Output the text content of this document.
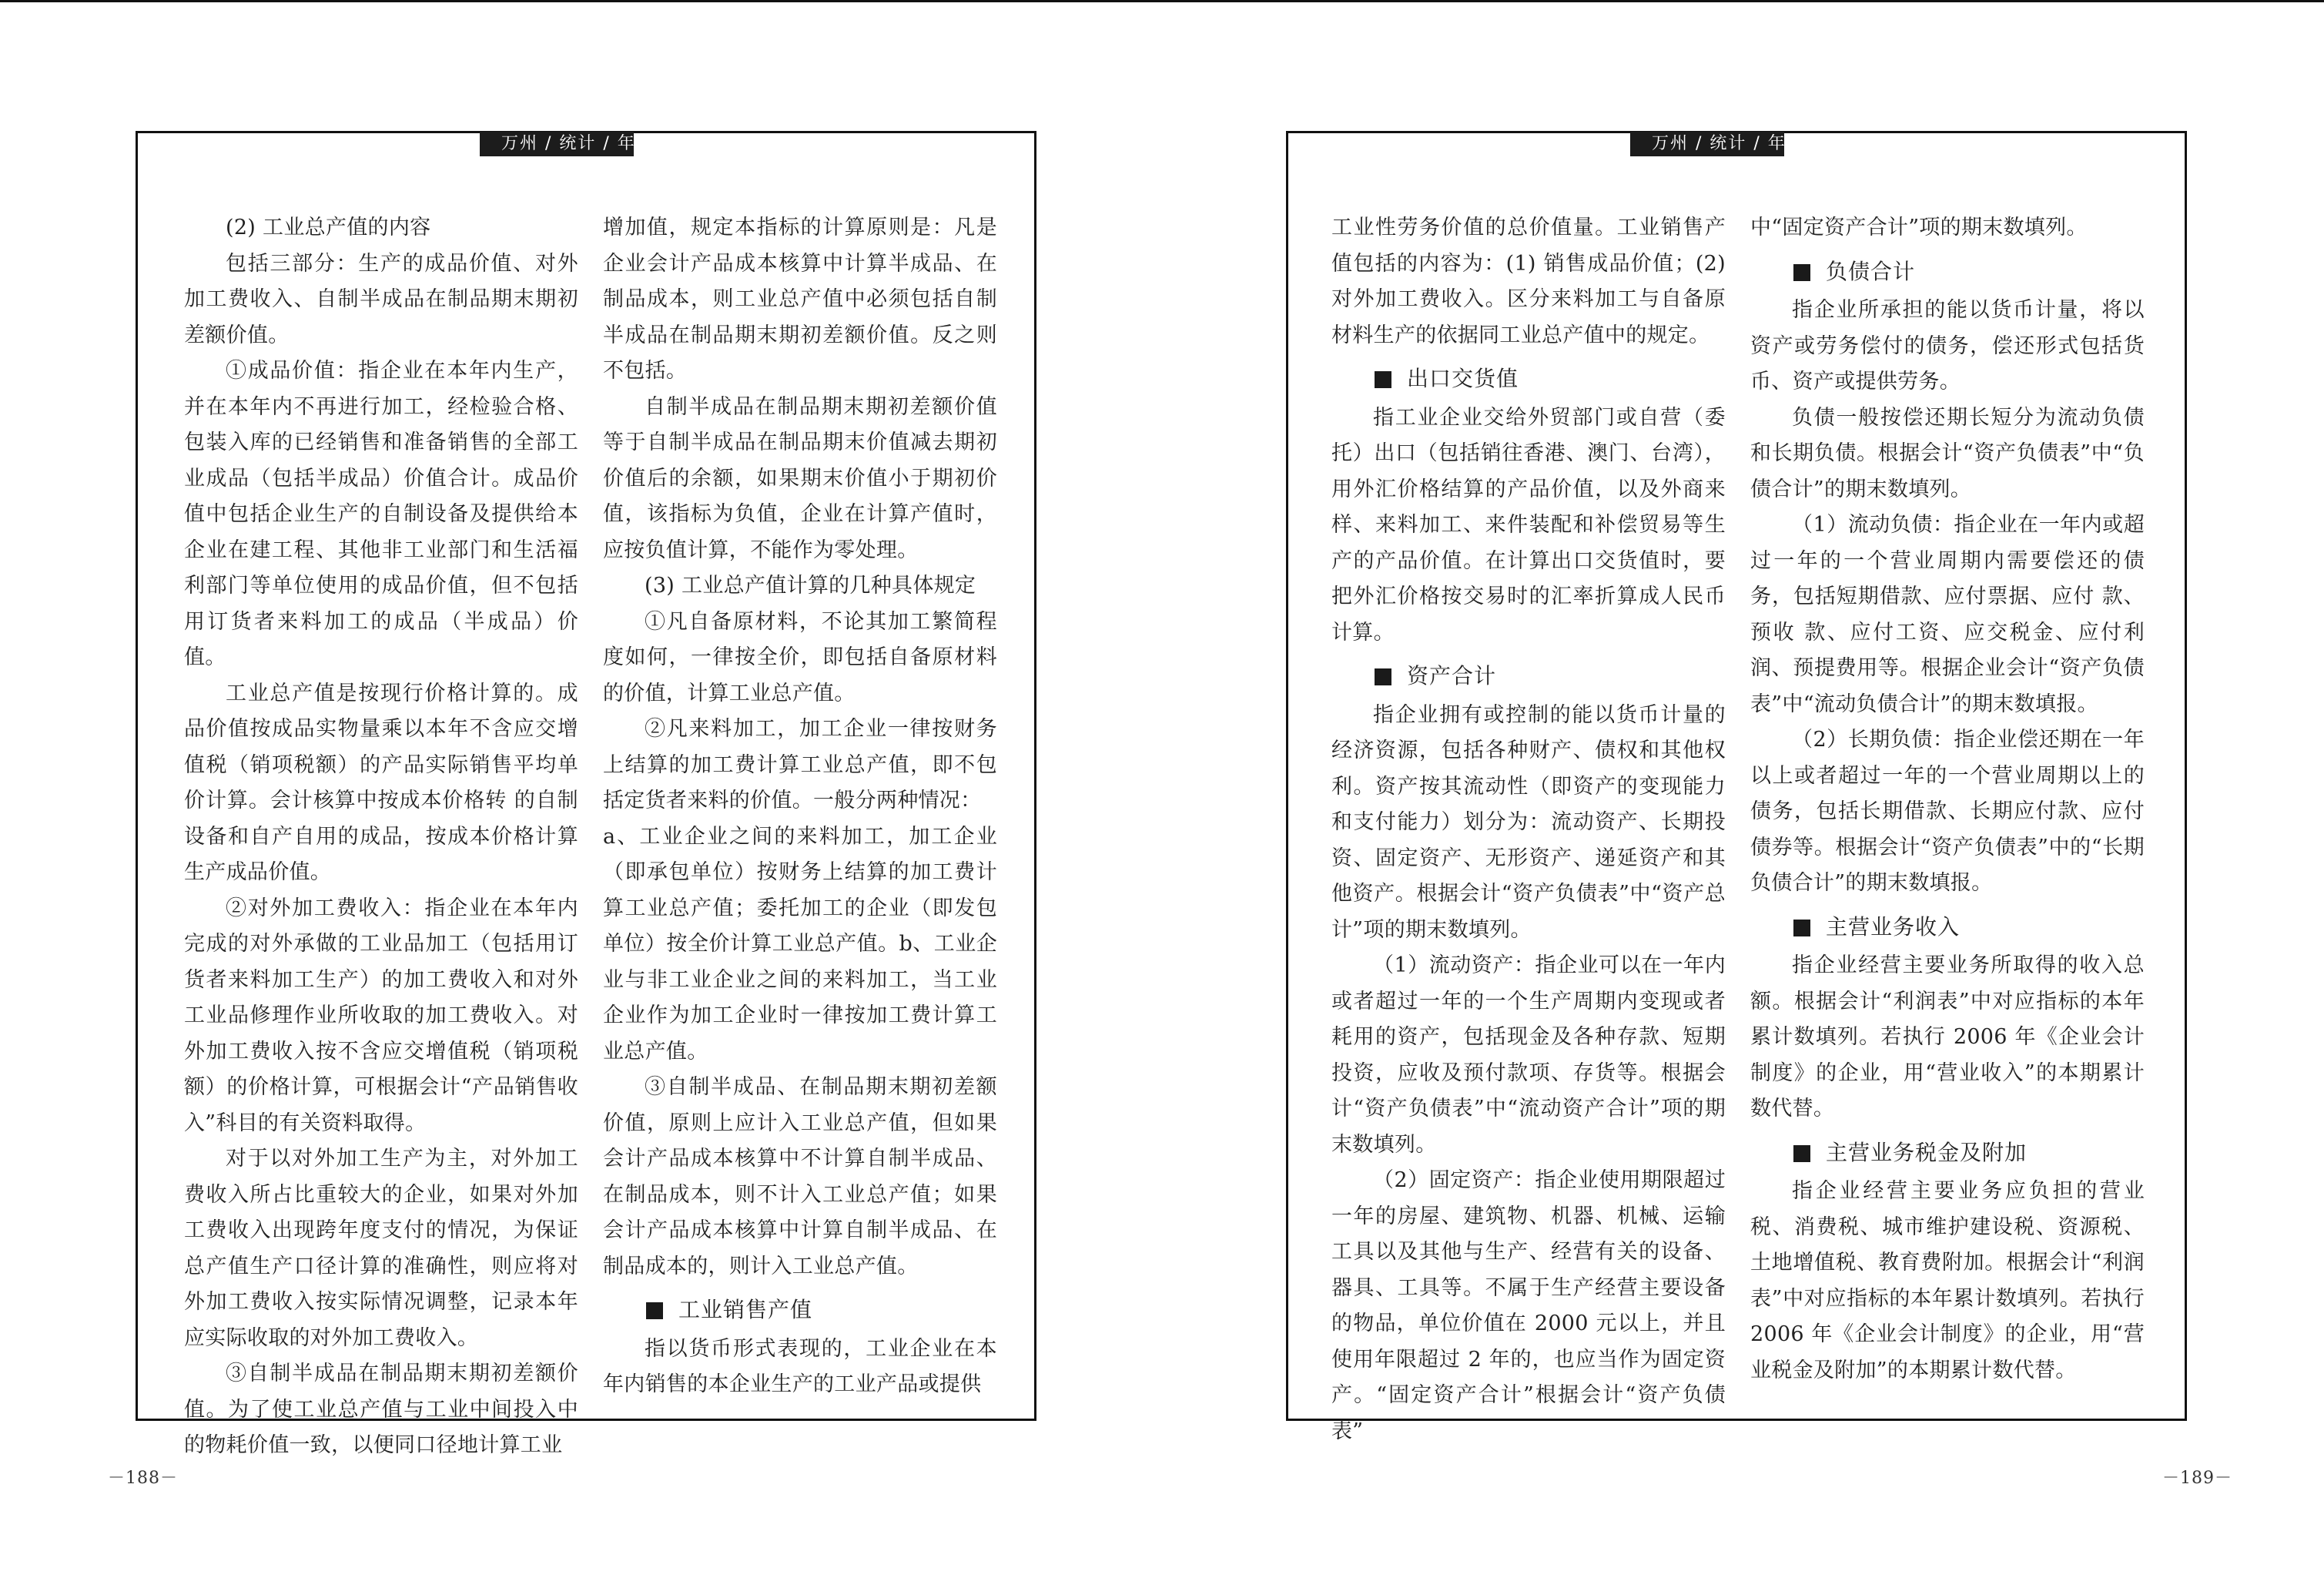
万州 / 统计 / 年鉴

(2) 工业总产值的内容

包括三部分：生产的成品价值、对外加工费收入、自制半成品在制品期末期初差额价值。

①成品价值：指企业在本年内生产，并在本年内不再进行加工，经检验合格、包装入库的已经销售和准备销售的全部工业成品（包括半成品）价值合计。成品价值中包括企业生产的自制设备及提供给本企业在建工程、其他非工业部门和生活福利部门等单位使用的成品价值，但不包括用订货者来料加工的成品（半成品）价值。

工业总产值是按现行价格计算的。成品价值按成品实物量乘以本年不含应交增值税（销项税额）的产品实际销售平均单价计算。会计核算中按成本价格转 的自制设备和自产自用的成品，按成本价格计算生产成品价值。

②对外加工费收入：指企业在本年内完成的对外承做的工业品加工（包括用订货者来料加工生产）的加工费收入和对外工业品修理作业所收取的加工费收入。对外加工费收入按不含应交增值税（销项税额）的价格计算，可根据会计“产品销售收入”科目的有关资料取得。

对于以对外加工生产为主，对外加工费收入所占比重较大的企业，如果对外加工费收入出现跨年度支付的情况，为保证总产值生产口径计算的准确性，则应将对外加工费收入按实际情况调整，记录本年应实际收取的对外加工费收入。

③自制半成品在制品期末期初差额价值。为了使工业总产值与工业中间投入中的物耗价值一致，以便同口径地计算工业

增加值，规定本指标的计算原则是：凡是企业会计产品成本核算中计算半成品、在制品成本，则工业总产值中必须包括自制半成品在制品期末期初差额价值。反之则不包括。

自制半成品在制品期末期初差额价值等于自制半成品在制品期末价值减去期初价值后的余额，如果期末价值小于期初价值，该指标为负值，企业在计算产值时，应按负值计算，不能作为零处理。

(3) 工业总产值计算的几种具体规定

①凡自备原材料，不论其加工繁简程度如何，一律按全价，即包括自备原材料的价值，计算工业总产值。

②凡来料加工，加工企业一律按财务上结算的加工费计算工业总产值，即不包括定货者来料的价值。一般分两种情况：

a、工业企业之间的来料加工，加工企业（即承包单位）按财务上结算的加工费计算工业总产值；委托加工的企业（即发包单位）按全价计算工业总产值。b、工业企业与非工业企业之间的来料加工，当工业企业作为加工企业时一律按加工费计算工业总产值。

③自制半成品、在制品期末期初差额价值，原则上应计入工业总产值，但如果会计产品成本核算中不计算自制半成品、在制品成本，则不计入工业总产值；如果会计产品成本核算中计算自制半成品、在制品成本的，则计入工业总产值。

工业销售产值

指以货币形式表现的，工业企业在本年内销售的本企业生产的工业产品或提供

万州 / 统计 / 年鉴

工业性劳务价值的总价值量。工业销售产值包括的内容为：(1) 销售成品价值；(2) 对外加工费收入。区分来料加工与自备原材料生产的依据同工业总产值中的规定。

出口交货值

指工业企业交给外贸部门或自营（委托）出口（包括销往香港、澳门、台湾），用外汇价格结算的产品价值，以及外商来样、来料加工、来件装配和补偿贸易等生产的产品价值。在计算出口交货值时，要把外汇价格按交易时的汇率折算成人民币计算。

资产合计

指企业拥有或控制的能以货币计量的经济资源，包括各种财产、债权和其他权利。资产按其流动性（即资产的变现能力和支付能力）划分为：流动资产、长期投资、固定资产、无形资产、递延资产和其他资产。根据会计“资产负债表”中“资产总计”项的期末数填列。

（1）流动资产：指企业可以在一年内或者超过一年的一个生产周期内变现或者耗用的资产，包括现金及各种存款、短期投资，应收及预付款项、存货等。根据会计“资产负债表”中“流动资产合计”项的期末数填列。

（2）固定资产：指企业使用期限超过一年的房屋、建筑物、机器、机械、运输工具以及其他与生产、经营有关的设备、器具、工具等。不属于生产经营主要设备的物品，单位价值在 2000 元以上，并且使用年限超过 2 年的，也应当作为固定资产。“固定资产合计”根据会计“资产负债表”

中“固定资产合计”项的期末数填列。

负债合计

指企业所承担的能以货币计量，将以资产或劳务偿付的债务，偿还形式包括货币、资产或提供劳务。

负债一般按偿还期长短分为流动负债和长期负债。根据会计“资产负债表”中“负债合计”的期末数填列。

（1）流动负债：指企业在一年内或超过一年的一个营业周期内需要偿还的债务，包括短期借款、应付票据、应付 款、预收 款、应付工资、应交税金、应付利润、预提费用等。根据企业会计“资产负债表”中“流动负债合计”的期末数填报。

（2）长期负债：指企业偿还期在一年以上或者超过一年的一个营业周期以上的债务，包括长期借款、长期应付款、应付债券等。根据会计“资产负债表”中的“长期负债合计”的期末数填报。

主营业务收入

指企业经营主要业务所取得的收入总额。根据会计“利润表”中对应指标的本年累计数填列。若执行 2006 年《企业会计制度》的企业，用“营业收入”的本期累计数代替。

主营业务税金及附加

指企业经营主要业务应负担的营业税、消费税、城市维护建设税、资源税、土地增值税、教育费附加。根据会计“利润表”中对应指标的本年累计数填列。若执行 2006 年《企业会计制度》的企业，用“营业税金及附加”的本期累计数代替。

－188－	－189－
